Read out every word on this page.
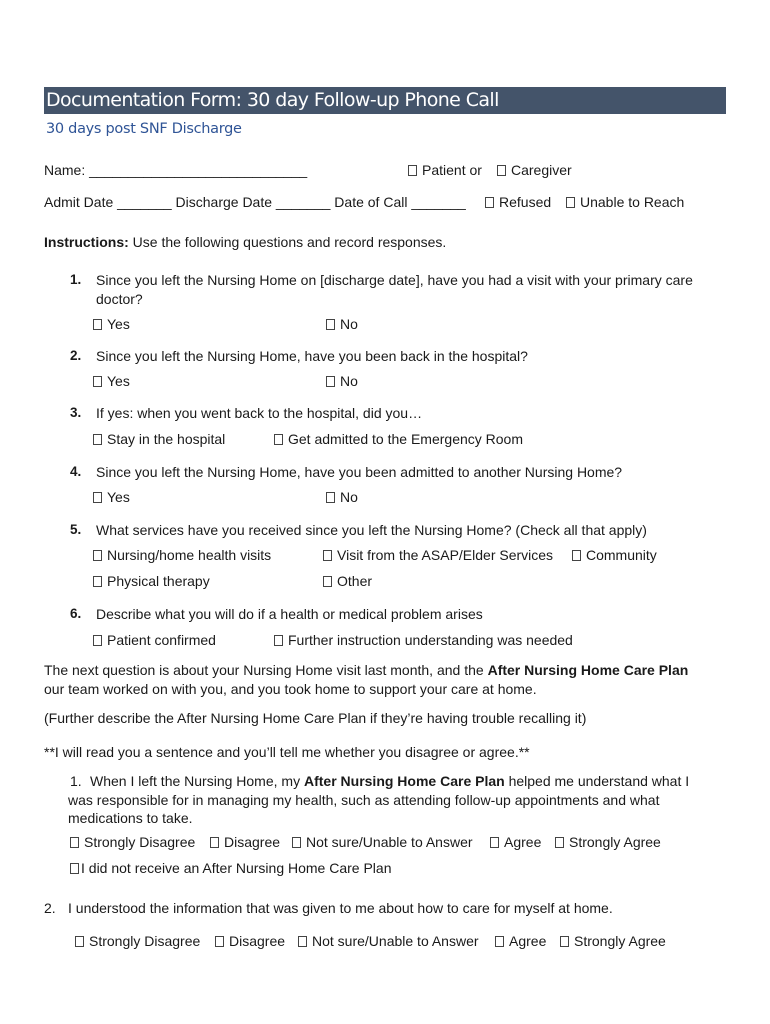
Documentation Form: 30 day Follow-up Phone Call
30 days post SNF Discharge
Name: ____________________________	Patient or	Caregiver
Admit Date _______ Discharge Date _______ Date of Call _______	Refused	Unable to Reach
Instructions: Use the following questions and record responses.
1. Since you left the Nursing Home on [discharge date], have you had a visit with your primary care
doctor?
Yes	No
2. Since you left the Nursing Home, have you been back in the hospital?
Yes	No
3. If yes: when you went back to the hospital, did you…
Stay in the hospital	Get admitted to the Emergency Room
4. Since you left the Nursing Home, have you been admitted to another Nursing Home?
Yes	No
5. What services have you received since you left the Nursing Home? (Check all that apply)
Nursing/home health visits	Visit from the ASAP/Elder Services	Community
Physical therapy	Other
6. Describe what you will do if a health or medical problem arises
Patient confirmed	Further instruction understanding was needed
The next question is about your Nursing Home visit last month, and the After Nursing Home Care Plan
our team worked on with you, and you took home to support your care at home.
(Further describe the After Nursing Home Care Plan if they’re having trouble recalling it)
**I will read you a sentence and you’ll tell me whether you disagree or agree.**
1. When I left the Nursing Home, my After Nursing Home Care Plan helped me understand what I
was responsible for in managing my health, such as attending follow-up appointments and what
medications to take.
Strongly Disagree	Disagree	Not sure/Unable to Answer	Agree	Strongly Agree
I did not receive an After Nursing Home Care Plan
2. I understood the information that was given to me about how to care for myself at home.
Strongly Disagree	Disagree	Not sure/Unable to Answer	Agree	Strongly Agree
